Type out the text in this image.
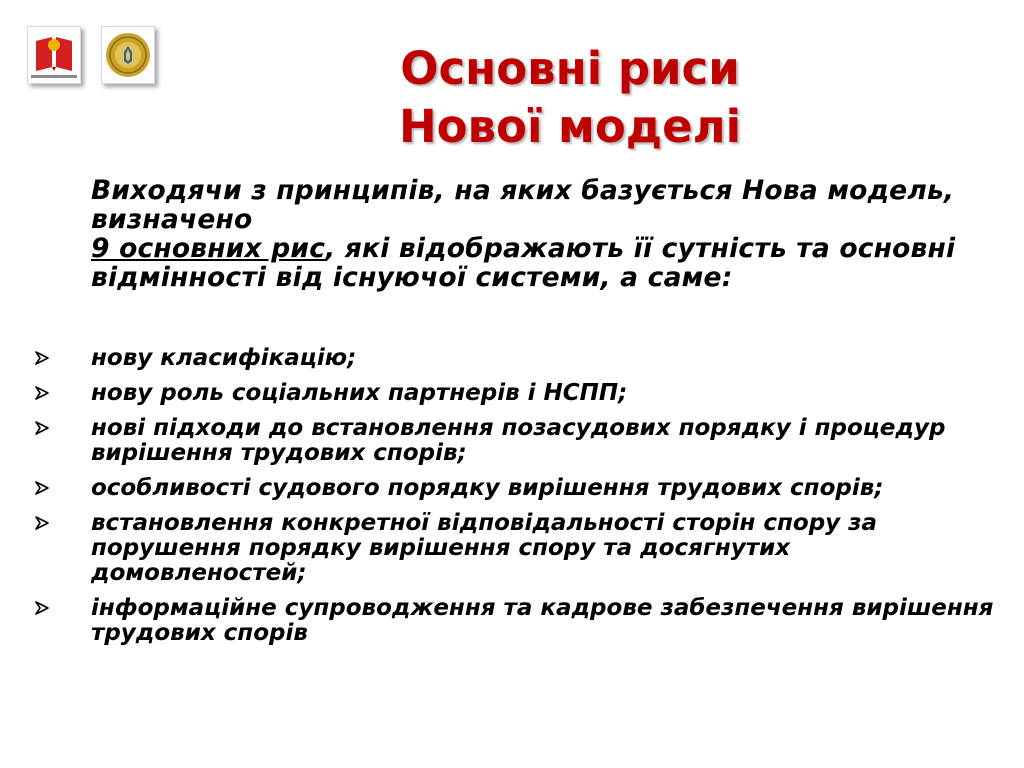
Основні риси
Нової моделі
Виходячи з принципів, на яких базується Нова модель, визначено
9 основних рис, які відображають її сутність та основні відмінності від існуючої системи, а саме:
нову класифікацію;
нову роль соціальних партнерів і НСПП;
нові підходи до встановлення позасудових порядку і процедур вирішення трудових спорів;
особливості судового порядку вирішення трудових спорів;
встановлення конкретної відповідальності сторін спору за порушення порядку вирішення спору та досягнутих домовленостей;
інформаційне супроводження та кадрове забезпечення вирішення трудових спорів
